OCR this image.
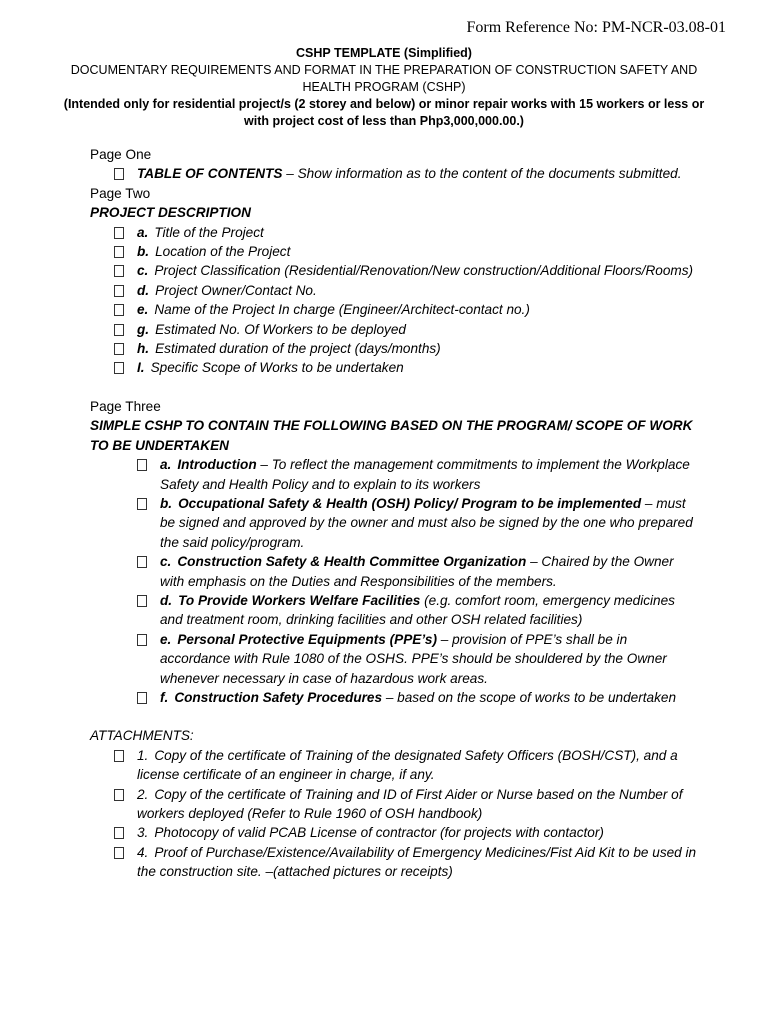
Form Reference No: PM-NCR-03.08-01
CSHP TEMPLATE (Simplified)
DOCUMENTARY REQUIREMENTS AND FORMAT IN THE PREPARATION OF CONSTRUCTION SAFETY AND HEALTH PROGRAM (CSHP)
(Intended only for residential project/s (2 storey and below) or minor repair works with 15 workers or less or with project cost of less than Php3,000,000.00.)
Page One
TABLE OF CONTENTS – Show information as to the content of the documents submitted.
Page Two
PROJECT DESCRIPTION
a. Title of the Project
b. Location of the Project
c. Project Classification (Residential/Renovation/New construction/Additional Floors/Rooms)
d. Project Owner/Contact No.
e. Name of the Project In charge (Engineer/Architect-contact no.)
g. Estimated No. Of Workers to be deployed
h. Estimated duration of the project (days/months)
I. Specific Scope of Works to be undertaken
Page Three
SIMPLE CSHP TO CONTAIN THE FOLLOWING BASED ON THE PROGRAM/ SCOPE OF WORK TO BE UNDERTAKEN
a. Introduction – To reflect the management commitments to implement the Workplace Safety and Health Policy and to explain to its workers
b. Occupational Safety & Health (OSH) Policy/ Program to be implemented – must be signed and approved by the owner and must also be signed by the one who prepared the said policy/program.
c. Construction Safety & Health Committee Organization – Chaired by the Owner with emphasis on the Duties and Responsibilities of the members.
d. To Provide Workers Welfare Facilities (e.g. comfort room, emergency medicines and treatment room, drinking facilities and other OSH related facilities)
e. Personal Protective Equipments (PPE’s) – provision of PPE’s shall be in accordance with Rule 1080 of the OSHS. PPE’s should be shouldered by the Owner whenever necessary in case of hazardous work areas.
f. Construction Safety Procedures – based on the scope of works to be undertaken
ATTACHMENTS:
1. Copy of the certificate of Training of the designated Safety Officers (BOSH/CST), and a license certificate of an engineer in charge, if any.
2. Copy of the certificate of Training and ID of First Aider or Nurse based on the Number of workers deployed (Refer to Rule 1960 of OSH handbook)
3. Photocopy of valid PCAB License of contractor (for projects with contactor)
4. Proof of Purchase/Existence/Availability of Emergency Medicines/Fist Aid Kit to be used in the construction site. –(attached pictures or receipts)
